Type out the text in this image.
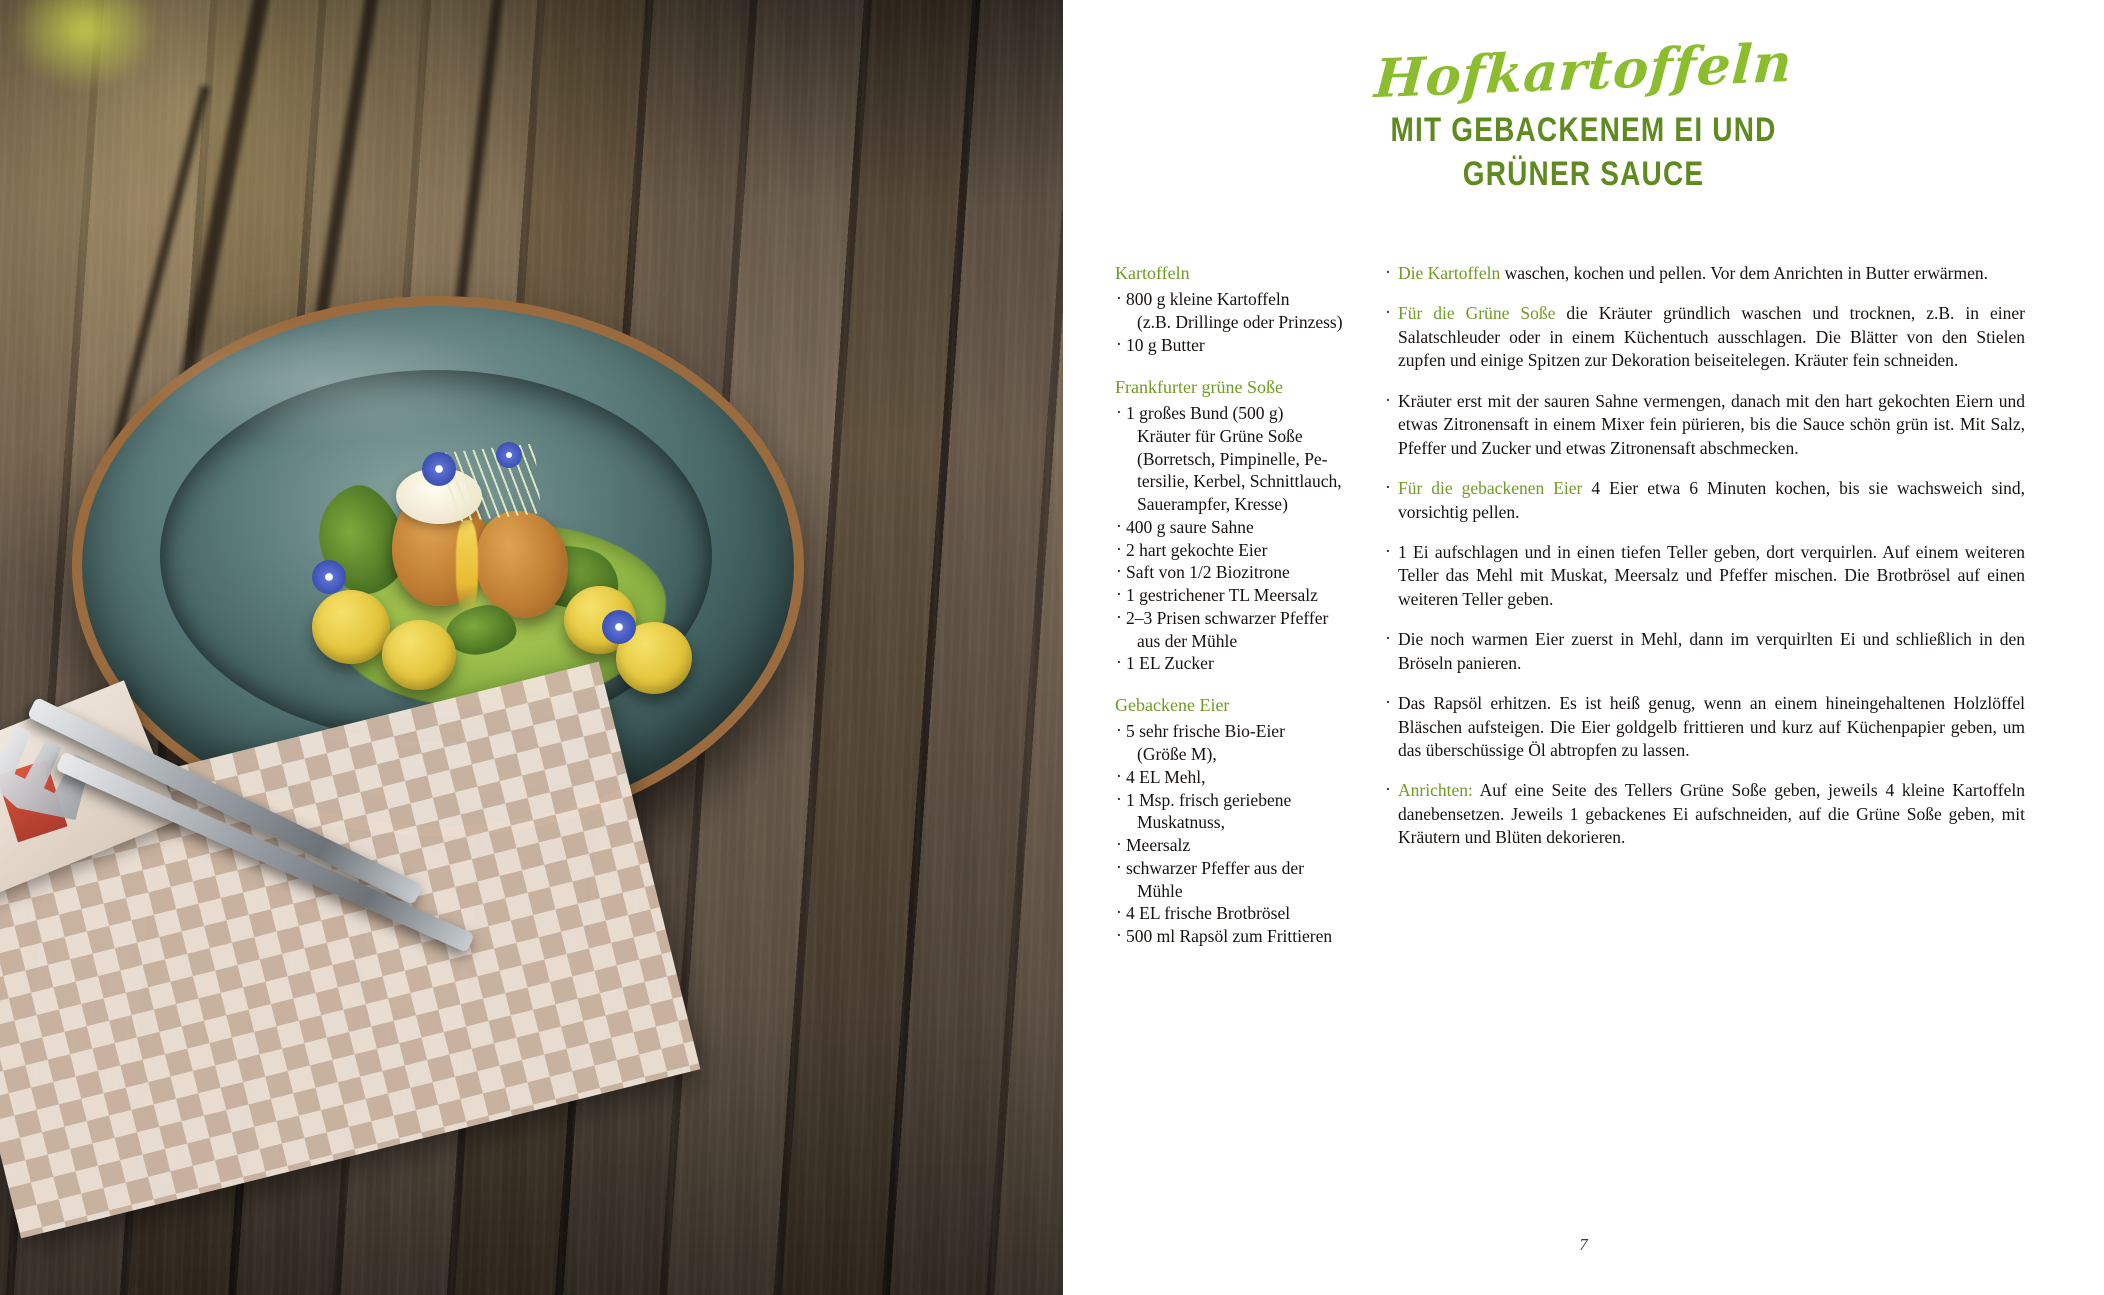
Hofkartoffeln
MIT GEBACKENEM EI UND
GRÜNER SAUCE
Kartoffeln
· 800 g kleine Kartoffeln
(z.B. Drillinge oder Prinzess)
· 10 g Butter
Frankfurter grüne Soße
· 1 großes Bund (500 g)
Kräuter für Grüne Soße
(Borretsch, Pimpinelle, Pe-
tersilie, Kerbel, Schnittlauch,
Sauerampfer, Kresse)
· 400 g saure Sahne
· 2 hart gekochte Eier
· Saft von 1/2 Biozitrone
· 1 gestrichener TL Meersalz
· 2–3 Prisen schwarzer Pfeffer
aus der Mühle
· 1 EL Zucker
Gebackene Eier
· 5 sehr frische Bio-Eier
(Größe M),
· 4 EL Mehl,
· 1 Msp. frisch geriebene
Muskatnuss,
· Meersalz
· schwarzer Pfeffer aus der
Mühle
· 4 EL frische Brotbrösel
· 500 ml Rapsöl zum Frittieren
· Die Kartoffeln waschen, kochen und pellen. Vor dem Anrichten in Butter erwärmen.
· Für die Grüne Soße die Kräuter gründlich waschen und trocknen, z.B. in einer Salatschleuder oder in einem Küchentuch ausschlagen. Die Blätter von den Stielen zupfen und einige Spitzen zur Dekoration beiseitelegen. Kräuter fein schneiden.
· Kräuter erst mit der sauren Sahne vermengen, danach mit den hart gekochten Eiern und etwas Zitronensaft in einem Mixer fein pürieren, bis die Sauce schön grün ist. Mit Salz, Pfeffer und Zucker und etwas Zitronensaft abschmecken.
· Für die gebackenen Eier 4 Eier etwa 6 Minuten kochen, bis sie wachsweich sind, vorsichtig pellen.
· 1 Ei aufschlagen und in einen tiefen Teller geben, dort verquirlen. Auf einem weiteren Teller das Mehl mit Muskat, Meersalz und Pfeffer mischen. Die Brotbrösel auf einen weiteren Teller geben.
· Die noch warmen Eier zuerst in Mehl, dann im verquirlten Ei und schließlich in den Bröseln panieren.
· Das Rapsöl erhitzen. Es ist heiß genug, wenn an einem hineingehaltenen Holzlöffel Bläschen aufsteigen. Die Eier goldgelb frittieren und kurz auf Küchenpapier geben, um das überschüssige Öl abtropfen zu lassen.
· Anrichten: Auf eine Seite des Tellers Grüne Soße geben, jeweils 4 kleine Kartoffeln danebensetzen. Jeweils 1 gebackenes Ei aufschneiden, auf die Grüne Soße geben, mit Kräutern und Blüten dekorieren.
7
